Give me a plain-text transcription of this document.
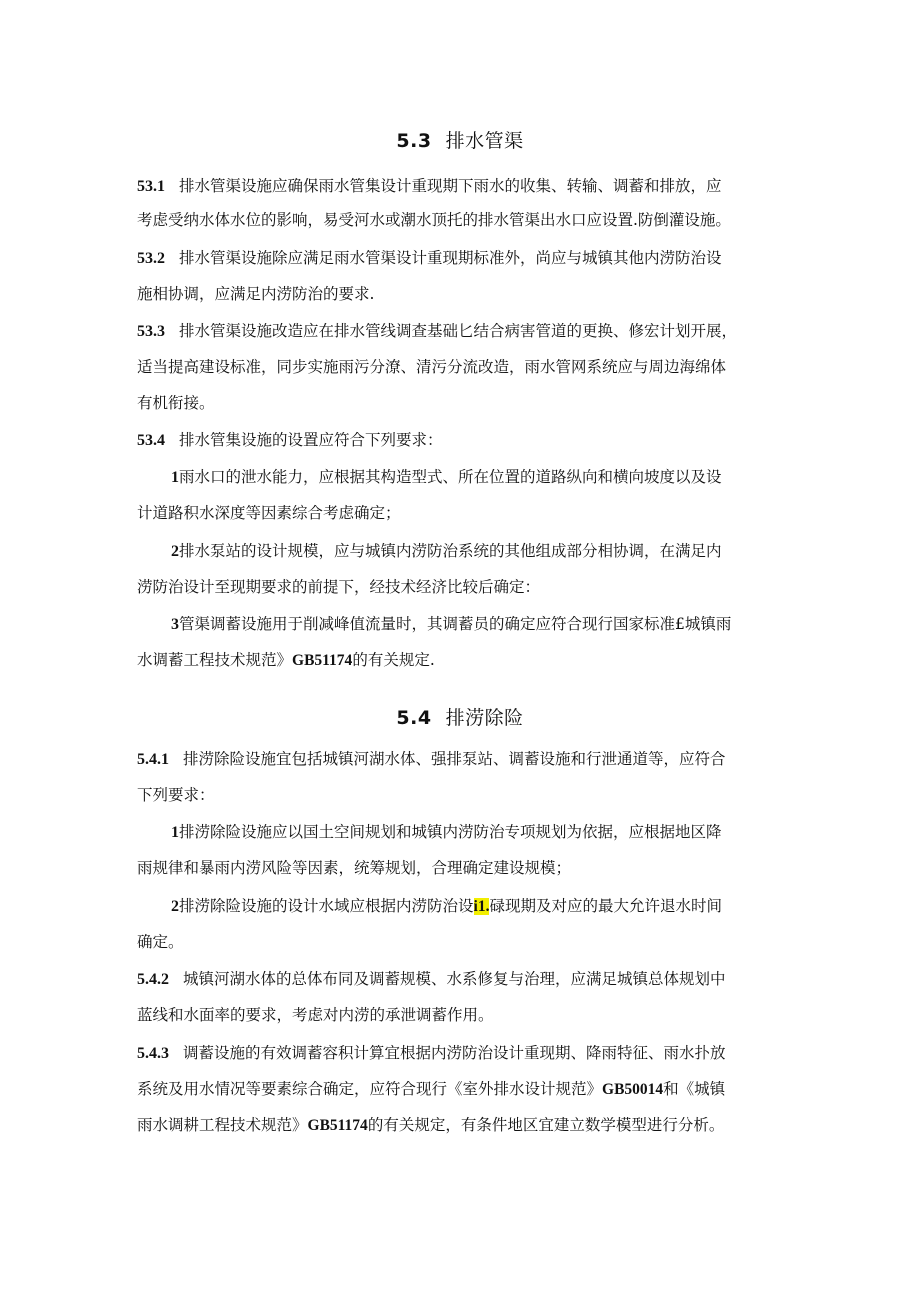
5.3 排水管渠
53.1 排水管渠设施应确保雨水管集设计重现期下雨水的收集、转输、调蓄和排放，应
考虑受纳水体水位的影响，易受河水或潮水顶托的排水管渠出水口应设置.防倒灌设施。
53.2 排水管渠设施除应满足雨水管渠设计重现期标准外，尚应与城镇其他内涝防治设
施相协调，应满足内涝防治的要求.
53.3 排水管渠设施改造应在排水管线调查基础匕结合病害管道的更换、修宏计划开展，
适当提高建设标准，同步实施雨污分潦、清污分流改造，雨水管网系统应与周边海绵体
有机衔接。
53.4 排水管集设施的设置应符合下列要求：
1雨水口的泄水能力，应根据其构造型式、所在位置的道路纵向和横向坡度以及设
计道路积水深度等因素综合考虑确定；
2排水泵站的设计规模，应与城镇内涝防治系统的其他组成部分相协调，在满足内
涝防治设计至现期要求的前提下，经技术经济比较后确定：
3管渠调蓄设施用于削减峰值流量时，其调蓄员的确定应符合现行国家标准£城镇雨
水调蓄工程技术规范》GB51174的有关规定.
5.4 排涝除险
5.4.1 排涝除险设施宜包括城镇河湖水体、强排泵站、调蓄设施和行泄通道等，应符合
下列要求：
1排涝除险设施应以国土空间规划和城镇内涝防治专项规划为依据，应根据地区降
雨规律和暴雨内涝风险等因素，统筹规划，合理确定建设规模；
2排涝除险设施的设计水域应根据内涝防治设i1.碌现期及对应的最大允许退水时间
确定。
5.4.2 城镇河湖水体的总体布同及调蓄规模、水系修复与治理，应满足城镇总体规划中
蓝线和水面率的要求，考虑对内涝的承泄调蓄作用。
5.4.3 调蓄设施的有效调蓄容积计算宜根据内涝防治设计重现期、降雨特征、雨水扑放
系统及用水情况等要素综合确定，应符合现行《室外排水设计规范》GB50014和《城镇
雨水调耕工程技术规范》GB51174的有关规定，有条件地区宜建立数学模型进行分析。
